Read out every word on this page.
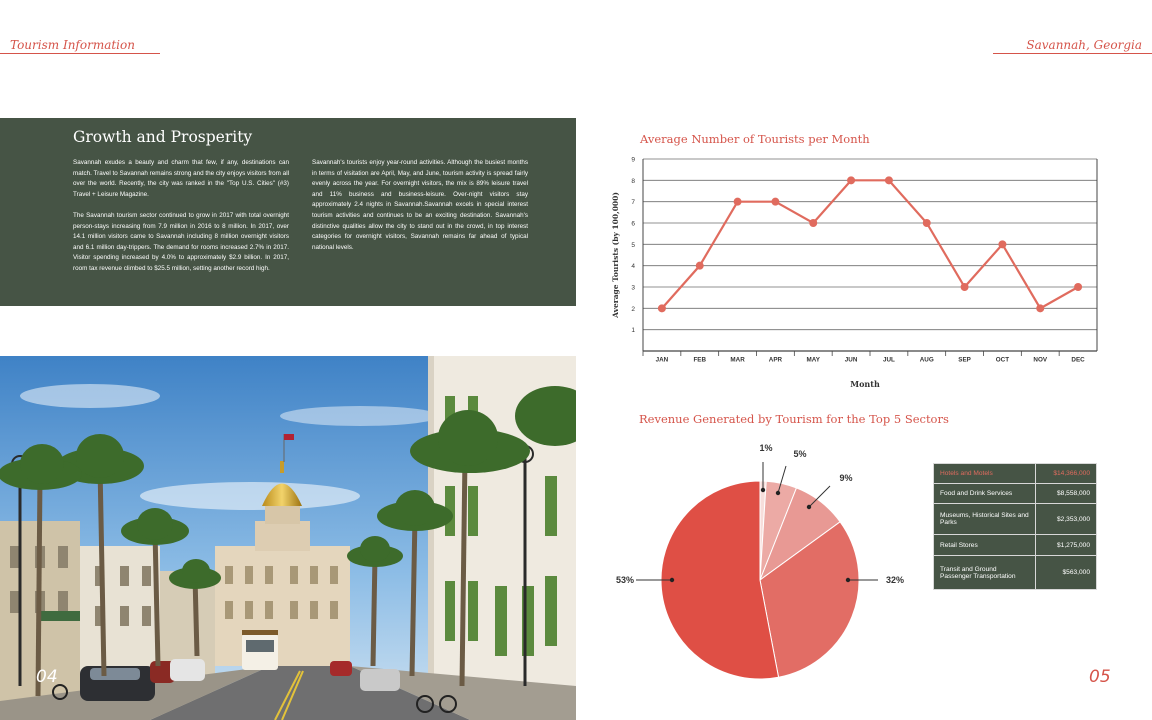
Tourism Information	Savannah, Georgia
Growth and Prosperity

Savannah exudes a beauty and charm that few, if any, destinations can match. Travel to Savannah remains strong and the city enjoys visitors from all over the world. Recently, the city was ranked in the "Top U.S. Cities" (#3) Travel + Leisure Magazine.

The Savannah tourism sector continued to grow in 2017 with total overnight person-stays increasing from 7.9 million in 2016 to 8 million. In 2017, over 14.1 million visitors came to Savannah including 8 million overnight visitors and 6.1 million day-trippers. The demand for rooms increased 2.7% in 2017. Visitor spending increased by 4.0% to approximately $2.9 billion. In 2017, room tax revenue climbed to $25.5 million, setting another record high.

Savannah's tourists enjoy year-round activities. Although the busiest months in terms of visitation are April, May, and June, tourism activity is spread fairly evenly across the year. For overnight visitors, the mix is 89% leisure travel and 11% business and business-leisure. Over-night visitors stay approximately 2.4 nights in Savannah.Savannah excels in special interest tourism activities and continues to be an exciting destination. Savannah's distinctive qualities allow the city to stand out in the crowd, in top interest categories for overnight visitors, Savannah remains far ahead of typical national levels.

04	05
Average Number of Tourists per Month
1
2
3
4
5
6
7
8
9
JAN	FEB	MAR	APR	MAY	JUN	JUL	AUG	SEP	OCT	NOV	DEC
Month
Average Tourists (by 100,000)
Revenue Generated by Tourism for the Top 5 Sectors
1%
5%
9%
32%
53%
Hotels and Motels	$14,366,000
Food and Drink Services	$8,558,000
Museums, Historical Sites and Parks	$2,353,000
Retail Stores	$1,275,000
Transit and Ground Passenger Transportation	$563,000
